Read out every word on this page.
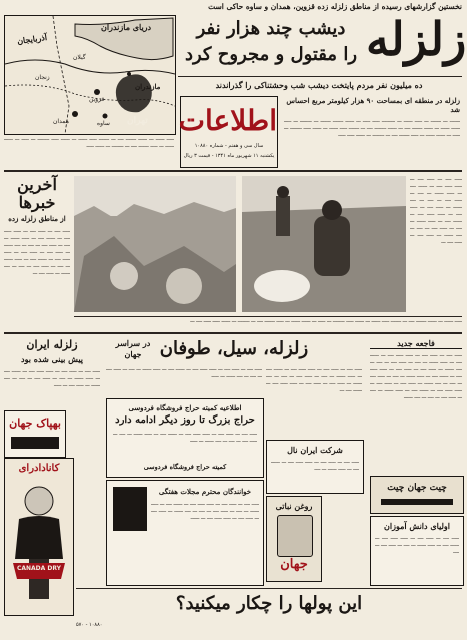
نخستین گزارشهای رسیده از مناطق زلزله زده قزوین، همدان و ساوه حاکی است
دریای مازندران
آذربایجان
گیلان
مازندران
زنجان
قزوین
تهران
همدان	ساوه
زلزله
دیشب چند هزار نفر
را مقتول و مجروح کرد
ده میلیون نفر مردم پایتخت دیشب شب وحشتناکی را گذراندند
اطلاعات
سال سی و هفتم - شماره ۱۰۸۸۰
یکشنبه ۱۱ شهریور ماه ۱۳۴۱ - قیمت ۳ ریال
زلزله در منطقه ای بمساحت ۹۰ هزار کیلومتر مربع احساس شد
ـــــــ ـــ ـــــــ ـــ ـــــ ــــــ ـــ ـــــــــ ـــــ ـــــ ـــ ــــــ ـــــــ ـــــــ ـــ ــــــــ ـــ ـــــ ــــــ ــــــ ـــ ــــــ ـــــــ ــــ ـــ ــــــ ــــــــ ــــ ـــ ـــــــ ـــــ ــــــ ـــ ــــــ ـــــ ــــــــ ـــ ـــــ ـــ ــــــ ــــــ ـــ ـــــ ـــــــ ــــ ـــ ــــــــ ـــ ــــــ ـــــ ـــــ
ـــــ ــــــ ـــ ــــــ ـــــــ ــــ ـــ ـــــــ ـــــ ــــــ ـــ ــــــ ـــــ ــــــــ ـــ ـــــ ـــ ــــــ ــــــ ـــ ـــــ ـــــــ ــــ ـــ ــــــــ ـــ ــــــ ـــــ
ـــــ ــــ ـــ ـــــ ــــ ـــ ـــــ ـــــ ــــ ـــ ــــــ ــــ ـــ ـــــ ــــــ ـــ ــــ ـــ ـــــ ــــ ـــ ــــ ـــ ــــ ــــــ ـــ ـــــ ــــ ـــ ـــــ ــــ ـــ ـــــ ـــــ ــــ ـــ ــــــ ــــ ـــ ـــــ ــــــ ـــ ــــ ـــ ـــــ ــــ ـــ ــــ ـــ ــــ ــــــ ـــ ـــــ ــــ ـــ ـــــ ــــ ـــ
آخرین خبرها
از مناطق زلزله زده
ـــــ ــــ ـــ ـــــ ــــ ـــ ـــــ ـــــ ــــ ـــ ــــــ ــــ ـــ ـــــ ــــــ ـــ ــــ ـــ ـــــ ــــ ـــ ــــ ـــ ــــ ــــــ ـــ ـــــ ــــ ـــ ـــــ ــــ ـــ ـــــ ـــــ ــــ ـــ ــــــ ــــ ـــ ـــــ ــــــ ـــ ــــ ـــ ـــــ ــــ ـــ ــــ ـــ ــــ ــــــ ـــ ـــــ ــــ ـــ
ـــــ ــــــ ـــ ــــــ ـــــــ ــــ ـــ ـــــــ ـــــ ــــــ ـــ ــــــ ـــــ ــــــــ ـــ ـــــ ـــ ــــــ ــــــ ـــ ـــــ ـــــــ ــــ ـــ ــــــــ ـــ ــــــ ـــــ ـــــ ــــ ـــ
زلزله ایران
پیش بینی شده بود
ـــــ ــــ ـــ ـــــ ــــ ـــ ـــــ ـــــ ــــ ـــ ــــــ ــــ ـــ ـــــ ــــــ ـــ ــــ ـــ ـــــ ــــ ـــ ــــ ـــ ــــ ــــــ ـــ ـــــ ــــ ـــ ـــــ
بهپاک جهان
کانادادرای
CANADA DRY
زلزله، سیل، طوفان
در سراسر جهان
ـــــ ــــ ـــ ـــــ ــــ ـــ ـــــ ـــــ ــــ ـــ ــــــ ــــ ـــ ـــــ ــــــ ـــ ــــ ـــ ـــــ ــــ ـــ ــــ ـــ ــــ ــــــ ـــ ـــــ
ـــــ ــــ ـــ ـــــ ــــ ـــ ـــــ ـــــ ــــ ـــ ــــــ ــــ ـــ ـــــ ــــــ ـــ ــــ ـــ ـــــ ــــ ـــ ــــ ـــ ــــ ــــــ ـــ ـــــ ــــ ـــ ـــــ ــــ ـــ ـــــ ـــــ ــــ ـــ ــــــ ــــ ـــ
اطلاعیه کمیته حراج فروشگاه فردوسی
حراج بزرگ تا روز دیگر ادامه دارد
ـــــ ــــ ـــ ـــــ ــــ ـــ ـــــ ـــــ ــــ ـــ ــــــ ــــ ـــ ـــــ ــــــ ـــ ــــ ـــ ـــــ ــــ ـــ ــــ ـــ ــــ ــــــ ـــ ـــــ
کمیته حراج فروشگاه فردوسی
فاجعه جدید
ـــــ ــــ ـــ ـــــ ــــ ـــ ـــــ ـــــ ــــ ـــ ــــــ ــــ ـــ ـــــ ــــــ ـــ ــــ ـــ ـــــ ــــ ـــ ــــ ـــ ــــ ــــــ ـــ ـــــ ــــ ـــ ـــــ ــــ ـــ ـــــ ـــــ ــــ ـــ ــــــ ــــ ـــ ـــــ ــــــ ـــ ــــ ـــ ـــــ ــــ ـــ ــــ ـــ ــــ ــــــ ـــ ـــــ ــــ ـــ ـــــ ــــ ـــ ـــــ ـــــ ــــ ـــ ــــــ ــــ ـــ ـــــ ــــــ ـــ ــــ ـــ ـــــ ــــ ـــ ــــ ـــ ــــ ــــــ
شرکت ایران نال
ـــــ ــــ ـــ ـــــ ــــ ـــ ـــــ ـــــ ــــ ـــ ــــــ ــــ ـــ ـــــ ــــــ ـــ ــــ
چیت جهان چیت
خوانندگان محترم مجلات هفتگی
ـــــ ــــ ـــ ـــــ ــــ ـــ ـــــ ـــــ ــــ ـــ ــــــ ــــ ـــ ـــــ ــــــ ـــ ــــ ـــ ـــــ ــــ ـــ ــــ ـــ ــــ ــــــ ـــ ـــــ ــــ ـــ ـــــ ــــ ـــ ـــــ ـــــ ــــ ـــ ــــــ
روغن نباتی
جهان
اولیای دانش آموزان
ـــــ ــــ ـــ ـــــ ــــ ـــ ـــــ ـــــ ــــ ـــ ــــــ ــــ ـــ ـــــ ــــــ ـــ ــــ ـــ ـــــ ــــ ـــ ــــ
این پولها را چکار میکنید؟
۱۰۸۸۰ - ۵۷۰
